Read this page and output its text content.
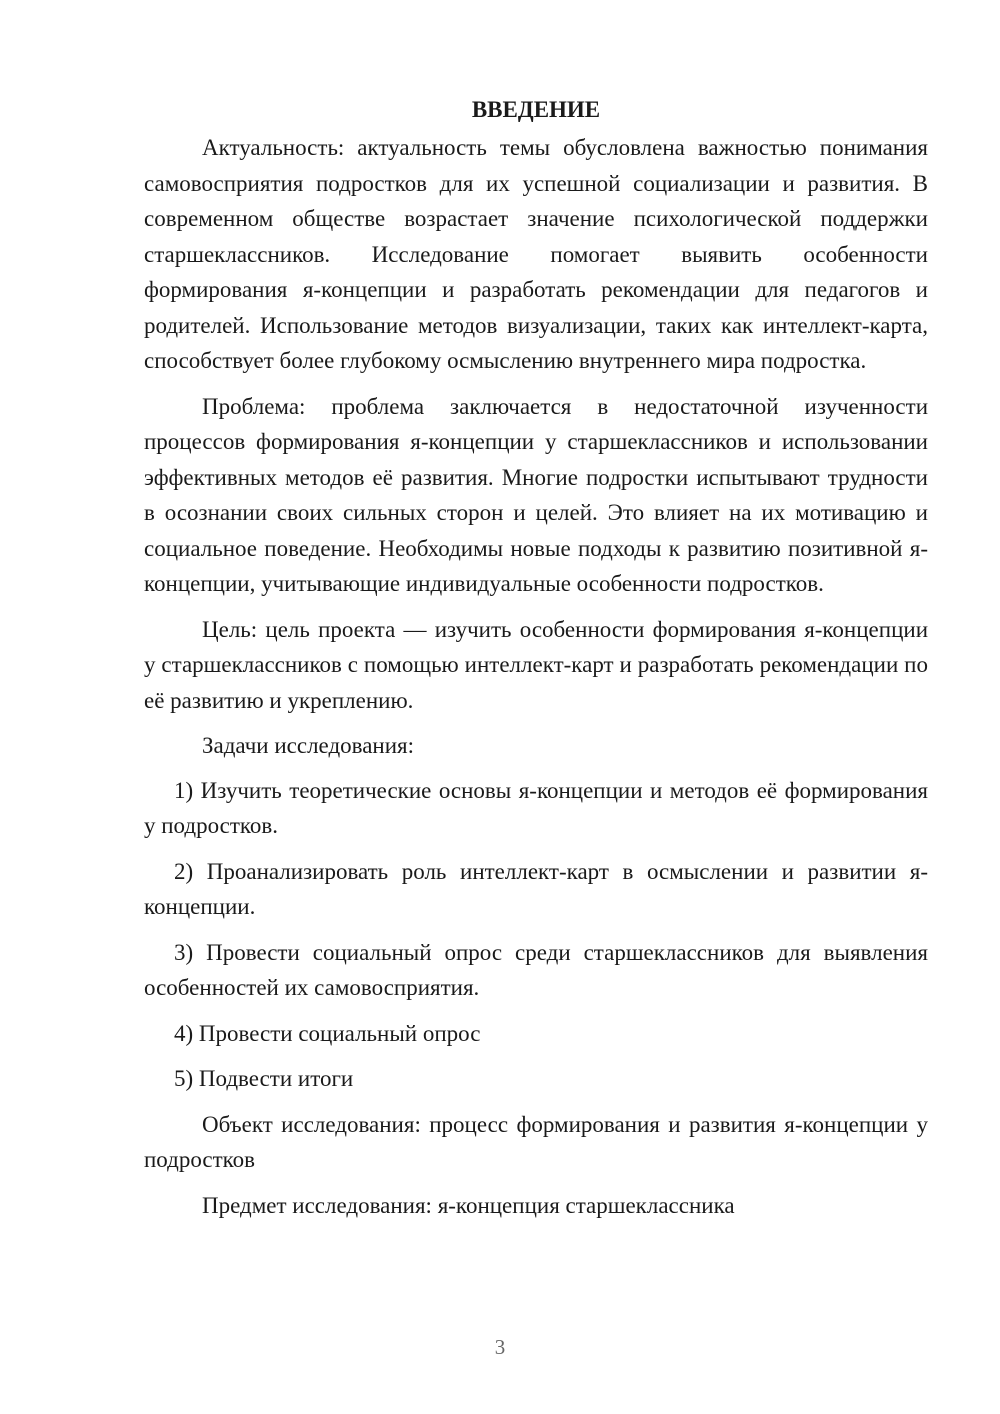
ВВЕДЕНИЕ

Актуальность: актуальность темы обусловлена важностью понимания самовосприятия подростков для их успешной социализации и развития. В современном обществе возрастает значение психологической поддержки старшеклассников. Исследование помогает выявить особенности формирования я-концепции и разработать рекомендации для педагогов и родителей. Использование методов визуализации, таких как интеллект-карта, способствует более глубокому осмыслению внутреннего мира подростка.

Проблема: проблема заключается в недостаточной изученности процессов формирования я-концепции у старшеклассников и использовании эффективных методов её развития. Многие подростки испытывают трудности в осознании своих сильных сторон и целей. Это влияет на их мотивацию и социальное поведение. Необходимы новые подходы к развитию позитивной я-концепции, учитывающие индивидуальные особенности подростков.

Цель: цель проекта — изучить особенности формирования я-концепции у старшеклассников с помощью интеллект-карт и разработать рекомендации по её развитию и укреплению.

Задачи исследования:

1) Изучить теоретические основы я-концепции и методов её формирования у подростков.

2) Проанализировать роль интеллект-карт в осмыслении и развитии я-концепции.

3) Провести социальный опрос среди старшеклассников для выявления особенностей их самовосприятия.

4) Провести социальный опрос

5) Подвести итоги

Объект исследования: процесс формирования и развития я-концепции у подростков

Предмет исследования: я-концепция старшеклассника

3
